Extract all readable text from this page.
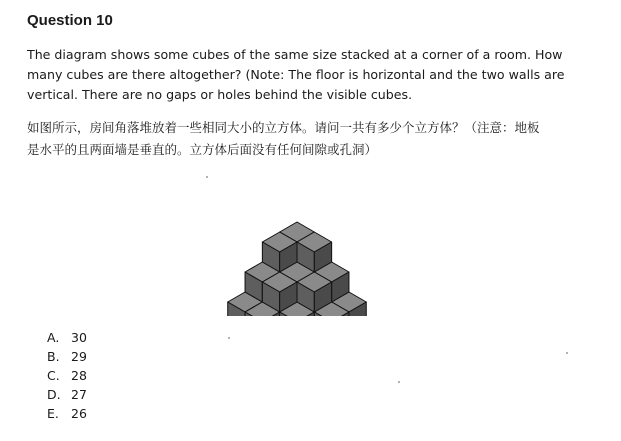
Question 10
The diagram shows some cubes of the same size stacked at a corner of a room. How many cubes are there altogether? (Note: The floor is horizontal and the two walls are vertical. There are no gaps or holes behind the visible cubes.
如图所示，房间角落堆放着一些相同大小的立方体。请问一共有多少个立方体？（注意：地板
是水平的且两面墙是垂直的。立方体后面没有任何间隙或孔洞）
A. 30
B. 29
C. 28
D. 27
E. 26
